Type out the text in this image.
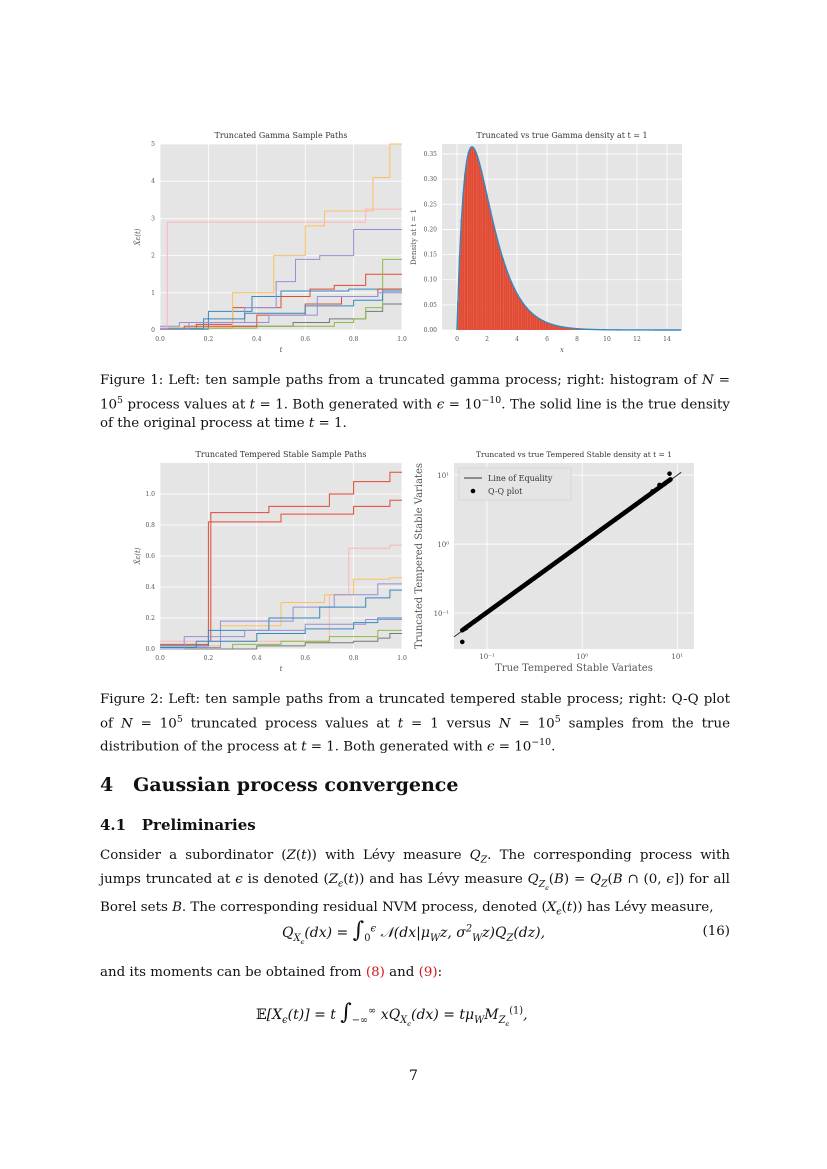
0.0	0.2	0.4	0.6	0.8	1.0
0
1
2
3
4
5
Truncated Gamma Sample Paths
t
X̂ε(t)
0	2	4	6	8	10	12	14
0.00
0.05
0.10
0.15
0.20
0.25
0.30
0.35
Truncated vs true Gamma density at t = 1
x
Density at t = 1
Figure 1: Left: ten sample paths from a truncated gamma process; right: histogram of $N = 10^5$ process values at t = 1. Both generated with $\epsilon = 10^{-10}$. The solid line is the true density of the original process at time t = 1.
0.0	0.2	0.4	0.6	0.8	1.0
0.0
0.2
0.4
0.6
0.8
1.0
Truncated Tempered Stable Sample Paths
t
X̂ε(t)
10⁻¹	10⁰	10¹
10⁻¹
10⁰
10¹	Line of Equality
Q-Q plot
Truncated vs true Tempered Stable density at t = 1
True Tempered Stable Variates
Truncated Tempered Stable Variates
Figure 2: Left: ten sample paths from a truncated tempered stable process; right: Q-Q plot of $N = 10^5$ truncated process values at t = 1 versus $N = 10^5$ samples from the true distribution of the process at t = 1. Both generated with $\epsilon = 10^{-10}$.
4 Gaussian process convergence
4.1 Preliminaries
Consider a subordinator (Z(t)) with Lévy measure $Q_Z$. The corresponding process with jumps truncated at ϵ is denoted $(Z_\epsilon(t))$ and has Lévy measure $Q_{Z_\epsilon}(B) = Q_Z(B$ ∩ (0, ϵ]) for all Borel sets B. The corresponding residual NVM process, denoted $(X_\epsilon(t))$ has Lévy measure,
$Q_{X_\epsilon}(dx) = \int_0^\epsilon$ $𝒩(dx|\mu_Wz$, $\sigma^2_Wz)Q_Z(dz)$,	(16)
and its moments can be obtained from (8) and (9):
$𝔼[X_\epsilon(t)] = t$ $\int_{-\infty}^\infty$ $xQ_{X_\epsilon}(dx) = t\mu_WM_{Z_\epsilon}^{(1)}$,
7
